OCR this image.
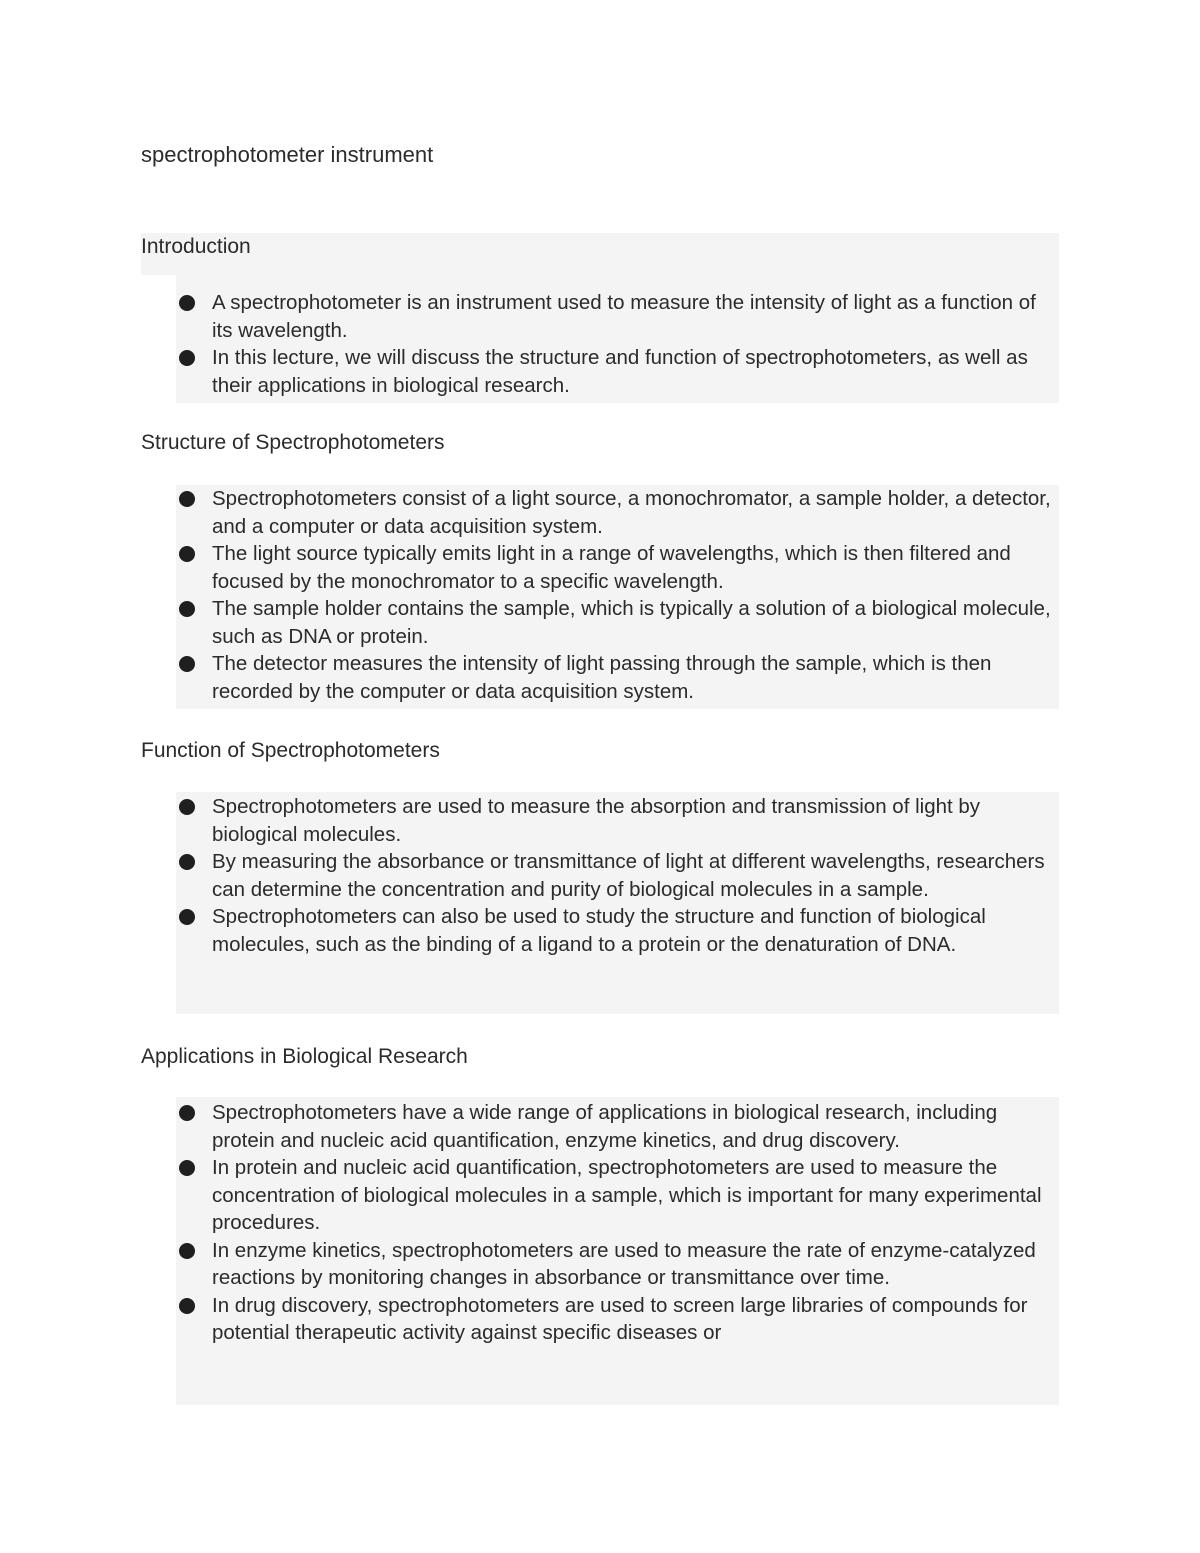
spectrophotometer instrument
Introduction
A spectrophotometer is an instrument used to measure the intensity of light as a function of its wavelength.
In this lecture, we will discuss the structure and function of spectrophotometers, as well as their applications in biological research.
Structure of Spectrophotometers
Spectrophotometers consist of a light source, a monochromator, a sample holder, a detector, and a computer or data acquisition system.
The light source typically emits light in a range of wavelengths, which is then filtered and focused by the monochromator to a specific wavelength.
The sample holder contains the sample, which is typically a solution of a biological molecule, such as DNA or protein.
The detector measures the intensity of light passing through the sample, which is then recorded by the computer or data acquisition system.
Function of Spectrophotometers
Spectrophotometers are used to measure the absorption and transmission of light by biological molecules.
By measuring the absorbance or transmittance of light at different wavelengths, researchers can determine the concentration and purity of biological molecules in a sample.
Spectrophotometers can also be used to study the structure and function of biological molecules, such as the binding of a ligand to a protein or the denaturation of DNA.
Applications in Biological Research
Spectrophotometers have a wide range of applications in biological research, including protein and nucleic acid quantification, enzyme kinetics, and drug discovery.
In protein and nucleic acid quantification, spectrophotometers are used to measure the concentration of biological molecules in a sample, which is important for many experimental procedures.
In enzyme kinetics, spectrophotometers are used to measure the rate of enzyme-catalyzed reactions by monitoring changes in absorbance or transmittance over time.
In drug discovery, spectrophotometers are used to screen large libraries of compounds for potential therapeutic activity against specific diseases or
